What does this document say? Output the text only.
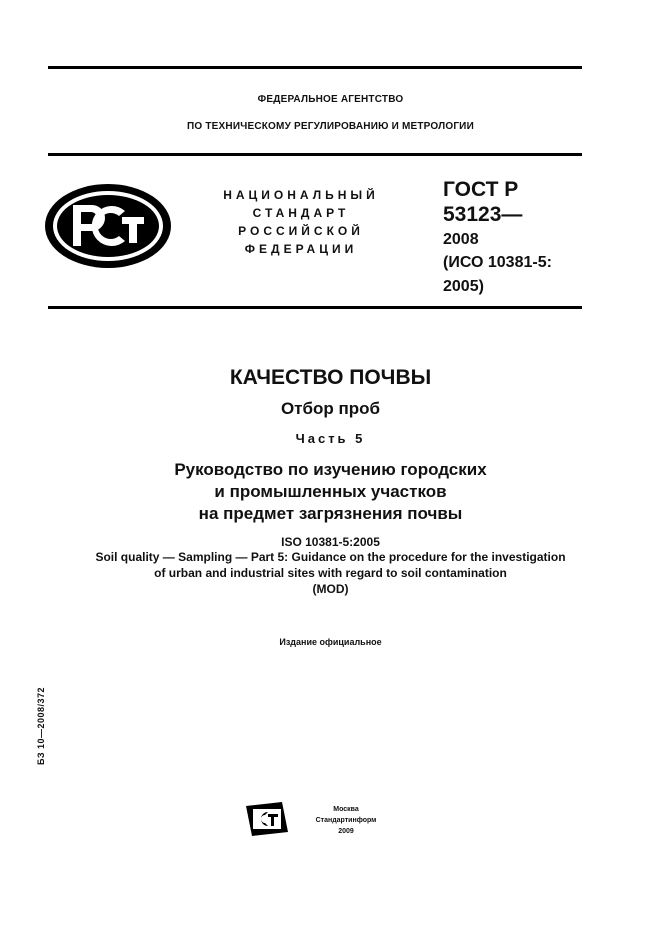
ФЕДЕРАЛЬНОЕ АГЕНТСТВО
ПО ТЕХНИЧЕСКОМУ РЕГУЛИРОВАНИЮ И МЕТРОЛОГИИ
НАЦИОНАЛЬНЫЙ
СТАНДАРТ
РОССИЙСКОЙ
ФЕДЕРАЦИИ
ГОСТ Р
53123—
2008
(ИСО 10381-5:
2005)
КАЧЕСТВО ПОЧВЫ
Отбор проб
Часть 5
Руководство по изучению городских
и промышленных участков
на предмет загрязнения почвы
ISO 10381-5:2005
Soil quality — Sampling — Part 5: Guidance on the procedure for the investigation
of urban and industrial sites with regard to soil contamination
(MOD)
Издание официальное
БЗ 10—2008/372
Москва
Стандартинформ
2009
